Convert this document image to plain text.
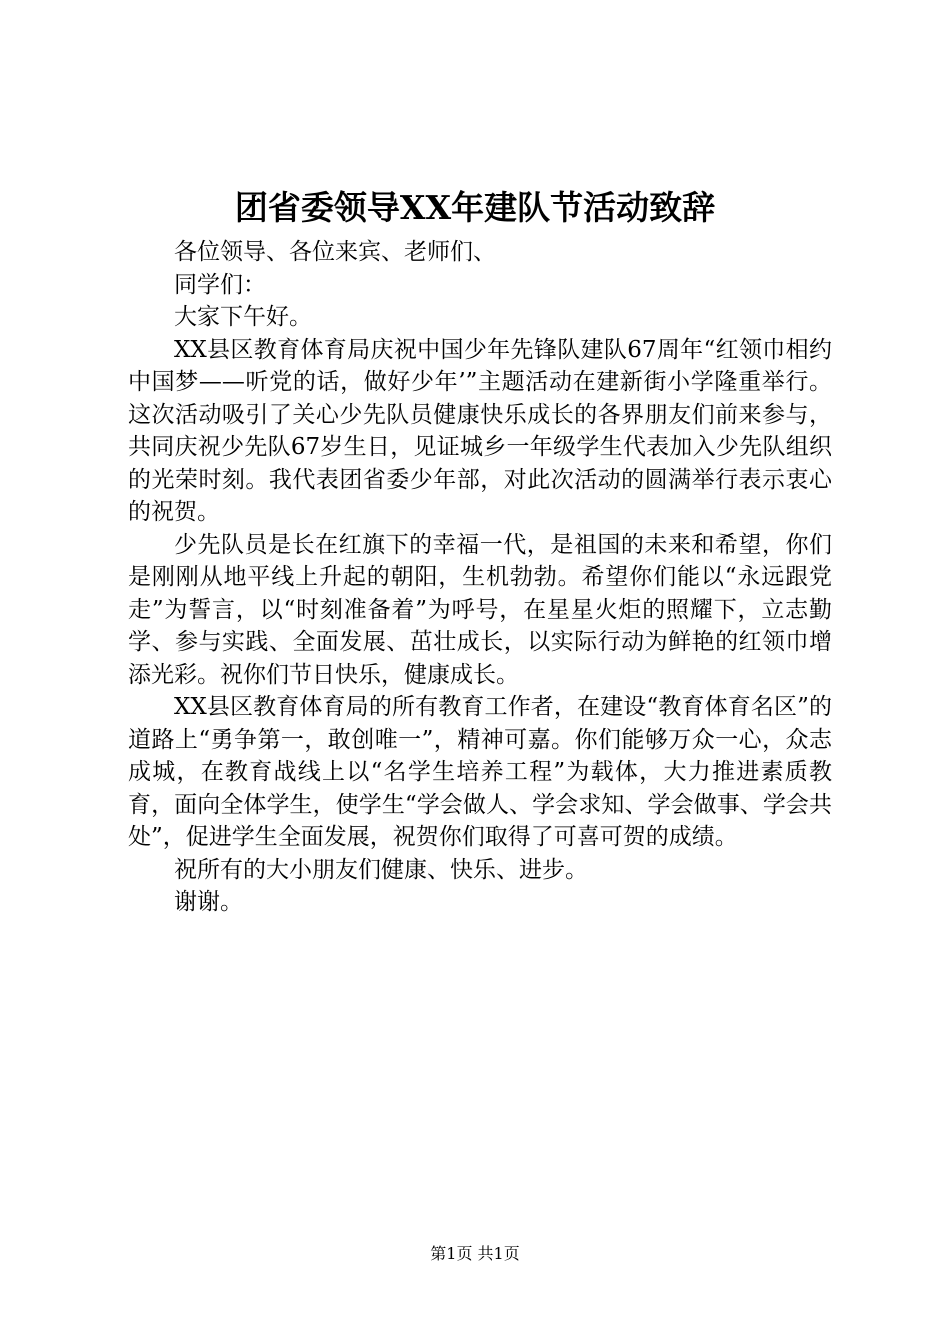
团省委领导XX年建队节活动致辞

各位领导、各位来宾、老师们、

同学们：

大家下午好。

XX县区教育体育局庆祝中国少年先锋队建队67周年“红领巾相约中国梦——听党的话，做好少年’”主题活动在建新街小学隆重举行。这次活动吸引了关心少先队员健康快乐成长的各界朋友们前来参与，共同庆祝少先队67岁生日，见证城乡一年级学生代表加入少先队组织的光荣时刻。我代表团省委少年部，对此次活动的圆满举行表示衷心的祝贺。

少先队员是长在红旗下的幸福一代，是祖国的未来和希望，你们是刚刚从地平线上升起的朝阳，生机勃勃。希望你们能以“永远跟党走”为誓言，以“时刻准备着”为呼号，在星星火炬的照耀下，立志勤学、参与实践、全面发展、茁壮成长，以实际行动为鲜艳的红领巾增添光彩。祝你们节日快乐，健康成长。

XX县区教育体育局的所有教育工作者，在建设“教育体育名区”的道路上“勇争第一，敢创唯一”，精神可嘉。你们能够万众一心，众志成城，在教育战线上以“名学生培养工程”为载体，大力推进素质教育，面向全体学生，使学生“学会做人、学会求知、学会做事、学会共处”，促进学生全面发展，祝贺你们取得了可喜可贺的成绩。

祝所有的大小朋友们健康、快乐、进步。

谢谢。

第1页 共1页
